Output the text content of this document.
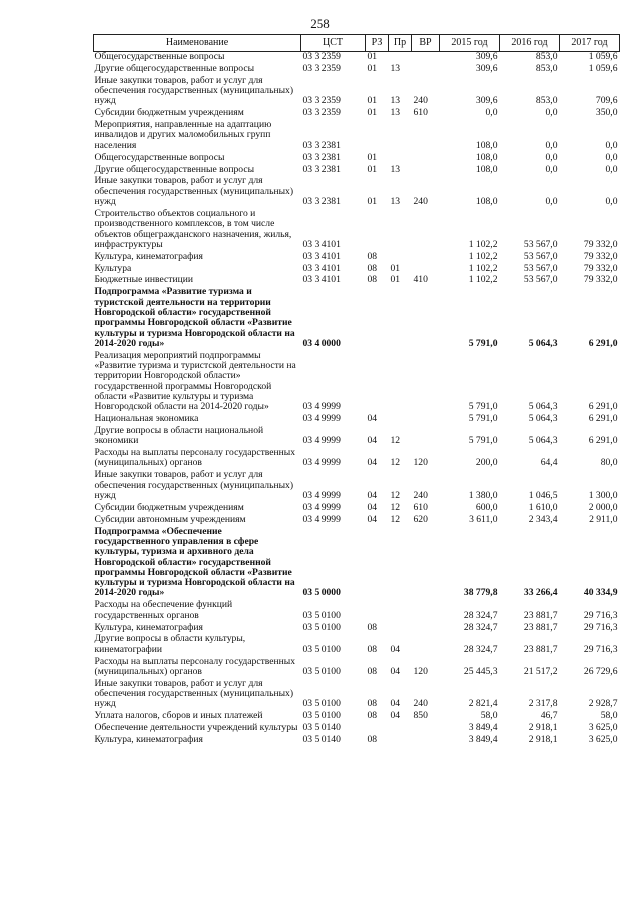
258
Наименование	ЦСТ	РЗ	Пр	ВР	2015 год	2016 год	2017 год
Общегосударственные вопросы	03 3 2359	01			309,6	853,0	1 059,6
Другие общегосударственные вопросы	03 3 2359	01	13		309,6	853,0	1 059,6
Иные закупки товаров, работ и услуг для обеспечения государственных (муниципальных) нужд	03 3 2359	01	13	240	309,6	853,0	709,6
Субсидии бюджетным учреждениям	03 3 2359	01	13	610	0,0	0,0	350,0
Мероприятия, направленные на адаптацию инвалидов и других маломобильных групп населения	03 3 2381				108,0	0,0	0,0
Общегосударственные вопросы	03 3 2381	01			108,0	0,0	0,0
Другие общегосударственные вопросы	03 3 2381	01	13		108,0	0,0	0,0
Иные закупки товаров, работ и услуг для обеспечения государственных (муниципальных) нужд	03 3 2381	01	13	240	108,0	0,0	0,0
Строительство объектов социального и производственного комплексов, в том числе объектов общегражданского назначения, жилья, инфраструктуры	03 3 4101				1 102,2	53 567,0	79 332,0
Культура, кинематография	03 3 4101	08			1 102,2	53 567,0	79 332,0
Культура	03 3 4101	08	01		1 102,2	53 567,0	79 332,0
Бюджетные инвестиции	03 3 4101	08	01	410	1 102,2	53 567,0	79 332,0
Подпрограмма «Развитие туризма и туристской деятельности на территории Новгородской области» государственной программы Новгородской области «Развитие культуры и туризма Новгородской области на 2014-2020 годы»	03 4 0000				5 791,0	5 064,3	6 291,0
Реализация мероприятий подпрограммы «Развитие туризма и туристской деятельности на территории Новгородской области» государственной программы Новгородской области «Развитие культуры и туризма Новгородской области на 2014-2020 годы»	03 4 9999				5 791,0	5 064,3	6 291,0
Национальная экономика	03 4 9999	04			5 791,0	5 064,3	6 291,0
Другие вопросы в области национальной экономики	03 4 9999	04	12		5 791,0	5 064,3	6 291,0
Расходы на выплаты персоналу государственных (муниципальных) органов	03 4 9999	04	12	120	200,0	64,4	80,0
Иные закупки товаров, работ и услуг для обеспечения государственных (муниципальных) нужд	03 4 9999	04	12	240	1 380,0	1 046,5	1 300,0
Субсидии бюджетным учреждениям	03 4 9999	04	12	610	600,0	1 610,0	2 000,0
Субсидии автономным учреждениям	03 4 9999	04	12	620	3 611,0	2 343,4	2 911,0
Подпрограмма «Обеспечение государственного управления в сфере культуры, туризма и архивного дела Новгородской области» государственной программы Новгородской области «Развитие культуры и туризма Новгородской области на 2014-2020 годы»	03 5 0000				38 779,8	33 266,4	40 334,9
Расходы на обеспечение функций государственных органов	03 5 0100				28 324,7	23 881,7	29 716,3
Культура, кинематография	03 5 0100	08			28 324,7	23 881,7	29 716,3
Другие вопросы в области культуры, кинематографии	03 5 0100	08	04		28 324,7	23 881,7	29 716,3
Расходы на выплаты персоналу государственных (муниципальных) органов	03 5 0100	08	04	120	25 445,3	21 517,2	26 729,6
Иные закупки товаров, работ и услуг для обеспечения государственных (муниципальных) нужд	03 5 0100	08	04	240	2 821,4	2 317,8	2 928,7
Уплата налогов, сборов и иных платежей	03 5 0100	08	04	850	58,0	46,7	58,0
Обеспечение деятельности учреждений культуры	03 5 0140				3 849,4	2 918,1	3 625,0
Культура, кинематография	03 5 0140	08			3 849,4	2 918,1	3 625,0
